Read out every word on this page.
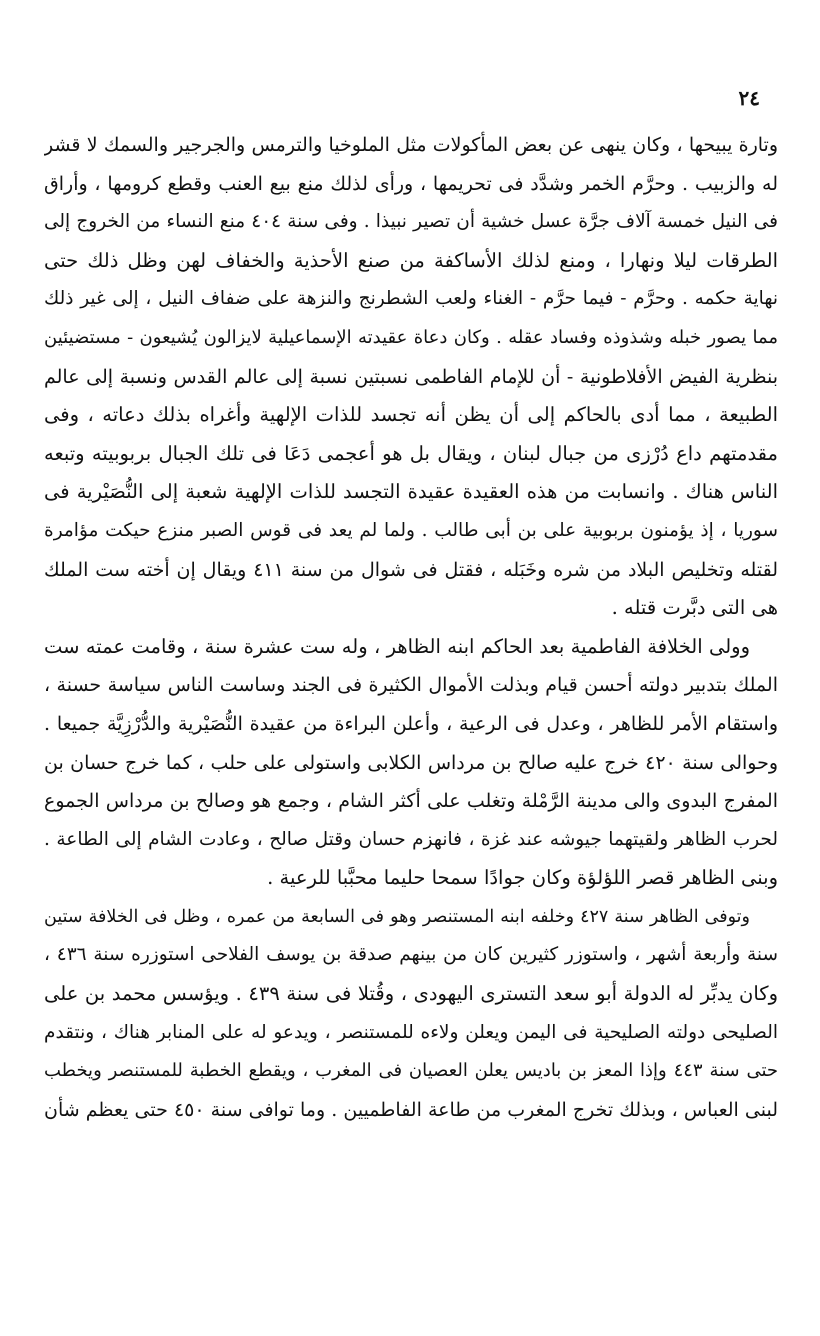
٢٤
وتارة يبيحها ، وكان ينهى عن بعض المأكولات مثل الملوخيا والترمس والجرجير والسمك لا قشر
له والزبيب . وحرَّم الخمر وشدَّد فى تحريمها ، ورأى لذلك منع بيع العنب وقطع كرومها ، وأراق
فى النيل خمسة آلاف جرَّة عسل خشية أن تصير نبيذا . وفى سنة ٤٠٤ منع النساء من الخروج إلى
الطرقات ليلا ونهارا ، ومنع لذلك الأساكفة من صنع الأحذية والخفاف لهن وظل ذلك حتى
نهاية حكمه . وحرَّم - فيما حرَّم - الغناء ولعب الشطرنج والنزهة على ضفاف النيل ، إلى غير ذلك
مما يصور خبله وشذوذه وفساد عقله . وكان دعاة عقيدته الإسماعيلية لايزالون يُشيعون - مستضيئين
بنظرية الفيض الأفلاطونية - أن للإمام الفاطمى نسبتين نسبة إلى عالم القدس ونسبة إلى عالم
الطبيعة ، مما أدى بالحاكم إلى أن يظن أنه تجسد للذات الإلهية وأغراه بذلك دعاته ، وفى
مقدمتهم داع دُرْزى من جبال لبنان ، ويقال بل هو أعجمى دَعَا فى تلك الجبال بربوبيته وتبعه
الناس هناك . وانسابت من هذه العقيدة عقيدة التجسد للذات الإلهية شعبة إلى النُّصَيْرية فى
سوريا ، إذ يؤمنون بربوبية على بن أبى طالب . ولما لم يعد فى قوس الصبر منزع حيكت مؤامرة
لقتله وتخليص البلاد من شره وخَبَله ، فقتل فى شوال من سنة ٤١١ ويقال إن أخته ست الملك
هى التى دبَّرت قتله .
وولى الخلافة الفاطمية بعد الحاكم ابنه الظاهر ، وله ست عشرة سنة ، وقامت عمته ست
الملك بتدبير دولته أحسن قيام وبذلت الأموال الكثيرة فى الجند وساست الناس سياسة حسنة ،
واستقام الأمر للظاهر ، وعدل فى الرعية ، وأعلن البراءة من عقيدة النُّصَيْرية والدُّرْزِيَّة جميعا .
وحوالى سنة ٤٢٠ خرج عليه صالح بن مرداس الكلابى واستولى على حلب ، كما خرج حسان بن
المفرج البدوى والى مدينة الرَّمْلة وتغلب على أكثر الشام ، وجمع هو وصالح بن مرداس الجموع
لحرب الظاهر ولقيتهما جيوشه عند غزة ، فانهزم حسان وقتل صالح ، وعادت الشام إلى الطاعة .
وبنى الظاهر قصر اللؤلؤة وكان جوادًا سمحا حليما محبَّبا للرعية .
وتوفى الظاهر سنة ٤٢٧ وخلفه ابنه المستنصر وهو فى السابعة من عمره ، وظل فى الخلافة ستين
سنة وأربعة أشهر ، واستوزر كثيرين كان من بينهم صدقة بن يوسف الفلاحى استوزره سنة ٤٣٦ ،
وكان يدبِّر له الدولة أبو سعد التسترى اليهودى ، وقُتلا فى سنة ٤٣٩ . ويؤسس محمد بن على
الصليحى دولته الصليحية فى اليمن ويعلن ولاءه للمستنصر ، ويدعو له على المنابر هناك ، ونتقدم
حتى سنة ٤٤٣ وإذا المعز بن باديس يعلن العصيان فى المغرب ، ويقطع الخطبة للمستنصر ويخطب
لبنى العباس ، وبذلك تخرج المغرب من طاعة الفاطميين . وما توافى سنة ٤٥٠ حتى يعظم شأن
